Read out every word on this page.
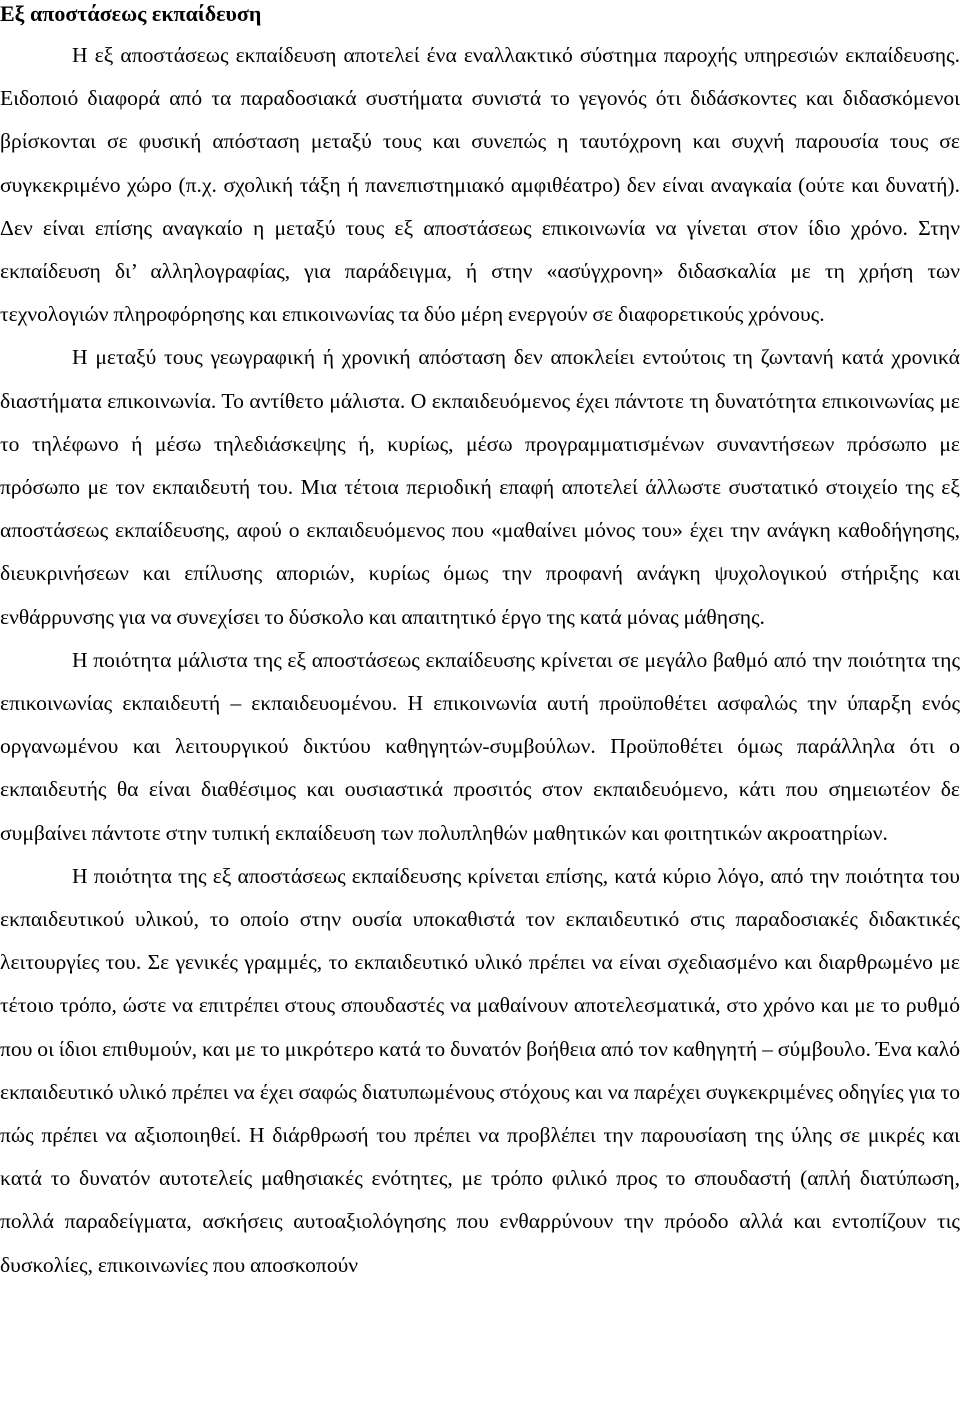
Εξ αποστάσεως εκπαίδευση

Η εξ αποστάσεως εκπαίδευση αποτελεί ένα εναλλακτικό σύστημα παροχής υπηρεσιών εκπαίδευσης. Ειδοποιό διαφορά από τα παραδοσιακά συστήματα συνιστά το γεγονός ότι διδάσκοντες και διδασκόμενοι βρίσκονται σε φυσική απόσταση μεταξύ τους και συνεπώς η ταυτόχρονη και συχνή παρουσία τους σε συγκεκριμένο χώρο (π.χ. σχολική τάξη ή πανεπιστημιακό αμφιθέατρο) δεν είναι αναγκαία (ούτε και δυνατή). Δεν είναι επίσης αναγκαίο η μεταξύ τους εξ αποστάσεως επικοινωνία να γίνεται στον ίδιο χρόνο. Στην εκπαίδευση δι’ αλληλογραφίας, για παράδειγμα, ή στην «ασύγχρονη» διδασκαλία με τη χρήση των τεχνολογιών πληροφόρησης και επικοινωνίας τα δύο μέρη ενεργούν σε διαφορετικούς χρόνους.

Η μεταξύ τους γεωγραφική ή χρονική απόσταση δεν αποκλείει εντούτοις τη ζωντανή κατά χρονικά διαστήματα επικοινωνία. Το αντίθετο μάλιστα. Ο εκπαιδευόμενος έχει πάντοτε τη δυνατότητα επικοινωνίας με το τηλέφωνο ή μέσω τηλεδιάσκεψης ή, κυρίως, μέσω προγραμματισμένων συναντήσεων πρόσωπο με πρόσωπο με τον εκπαιδευτή του. Μια τέτοια περιοδική επαφή αποτελεί άλλωστε συστατικό στοιχείο της εξ αποστάσεως εκπαίδευσης, αφού ο εκπαιδευόμενος που «μαθαίνει μόνος του» έχει την ανάγκη καθοδήγησης, διευκρινήσεων και επίλυσης αποριών, κυρίως όμως την προφανή ανάγκη ψυχολογικού στήριξης και ενθάρρυνσης για να συνεχίσει το δύσκολο και απαιτητικό έργο της κατά μόνας μάθησης.

Η ποιότητα μάλιστα της εξ αποστάσεως εκπαίδευσης κρίνεται σε μεγάλο βαθμό από την ποιότητα της επικοινωνίας εκπαιδευτή – εκπαιδευομένου. Η επικοινωνία αυτή προϋποθέτει ασφαλώς την ύπαρξη ενός οργανωμένου και λειτουργικού δικτύου καθηγητών-συμβούλων. Προϋποθέτει όμως παράλληλα ότι ο εκπαιδευτής θα είναι διαθέσιμος και ουσιαστικά προσιτός στον εκπαιδευόμενο, κάτι που σημειωτέον δε συμβαίνει πάντοτε στην τυπική εκπαίδευση των πολυπληθών μαθητικών και φοιτητικών ακροατηρίων.

Η ποιότητα της εξ αποστάσεως εκπαίδευσης κρίνεται επίσης, κατά κύριο λόγο, από την ποιότητα του εκπαιδευτικού υλικού, το οποίο στην ουσία υποκαθιστά τον εκπαιδευτικό στις παραδοσιακές διδακτικές λειτουργίες του. Σε γενικές γραμμές, το εκπαιδευτικό υλικό πρέπει να είναι σχεδιασμένο και διαρθρωμένο με τέτοιο τρόπο, ώστε να επιτρέπει στους σπουδαστές να μαθαίνουν αποτελεσματικά, στο χρόνο και με το ρυθμό που οι ίδιοι επιθυμούν, και με το μικρότερο κατά το δυνατόν βοήθεια από τον καθηγητή – σύμβουλο. Ένα καλό εκπαιδευτικό υλικό πρέπει να έχει σαφώς διατυπωμένους στόχους και να παρέχει συγκεκριμένες οδηγίες για το πώς πρέπει να αξιοποιηθεί. Η διάρθρωσή του πρέπει να προβλέπει την παρουσίαση της ύλης σε μικρές και κατά το δυνατόν αυτοτελείς μαθησιακές ενότητες, με τρόπο φιλικό προς το σπουδαστή (απλή διατύπωση, πολλά παραδείγματα, ασκήσεις αυτοαξιολόγησης που ενθαρρύνουν την πρόοδο αλλά και εντοπίζουν τις δυσκολίες, επικοινωνίες που αποσκοπούν
